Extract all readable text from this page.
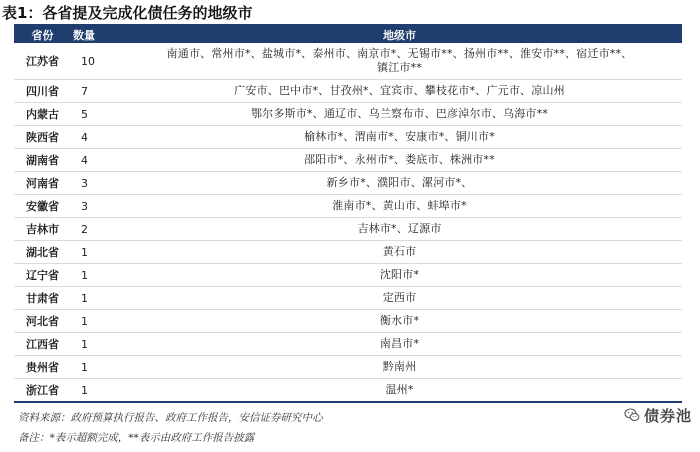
表1：各省提及完成化债任务的地级市
省份	数量	地级市
江苏省	10	南通市、常州市*、盐城市*、泰州市、南京市*、无锡市**、扬州市**、淮安市**、宿迁市**、
镇江市**

四川省	7	广安市、巴中市*、甘孜州*、宜宾市、攀枝花市*、广元市、凉山州
内蒙古	5	鄂尔多斯市*、通辽市、乌兰察布市、巴彦淖尔市、乌海市**
陕西省	4	榆林市*、渭南市*、安康市*、铜川市*
湖南省	4	邵阳市*、永州市*、娄底市、株洲市**
河南省	3	新乡市*、濮阳市、漯河市*、
安徽省	3	淮南市*、黄山市、蚌埠市*
吉林市	2	吉林市*、辽源市
湖北省	1	黄石市
辽宁省	1	沈阳市*
甘肃省	1	定西市
河北省	1	衡水市*
江西省	1	南昌市*
贵州省	1	黔南州
浙江省	1	温州*
资料来源：政府预算执行报告、政府工作报告，安信证券研究中心
备注：*表示超额完成，**表示由政府工作报告披露
债券池
